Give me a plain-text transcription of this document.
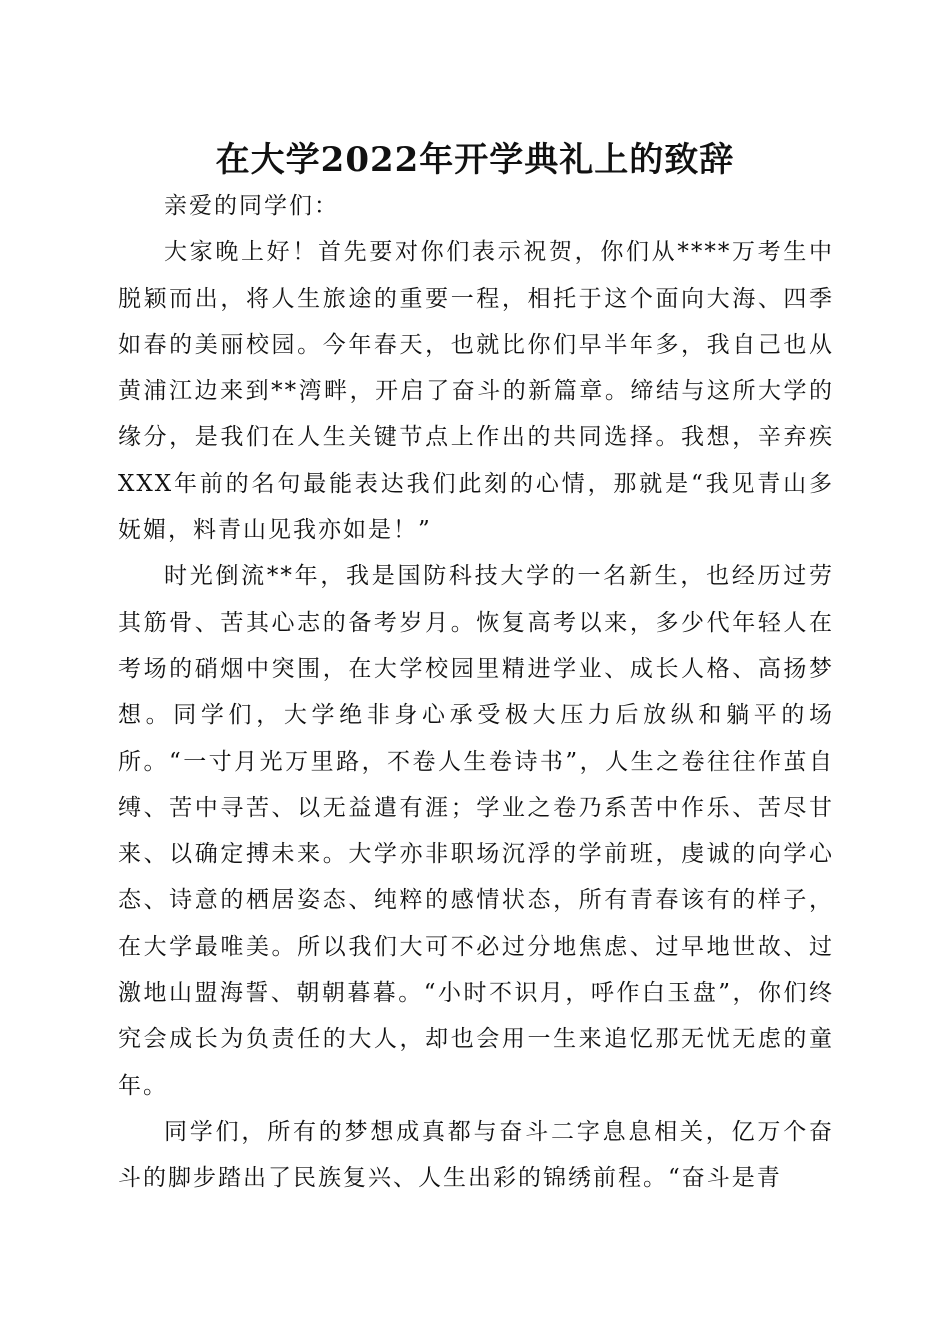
在大学2022年开学典礼上的致辞

亲爱的同学们：

大家晚上好！首先要对你们表示祝贺，你们从****万考生中脱颖而出，将人生旅途的重要一程，相托于这个面向大海、四季如春的美丽校园。今年春天，也就比你们早半年多，我自己也从黄浦江边来到**湾畔，开启了奋斗的新篇章。缔结与这所大学的缘分，是我们在人生关键节点上作出的共同选择。我想，辛弃疾XXX年前的名句最能表达我们此刻的心情，那就是“我见青山多妩媚，料青山见我亦如是！”

时光倒流**年，我是国防科技大学的一名新生，也经历过劳其筋骨、苦其心志的备考岁月。恢复高考以来，多少代年轻人在考场的硝烟中突围，在大学校园里精进学业、成长人格、高扬梦想。同学们，大学绝非身心承受极大压力后放纵和躺平的场所。“一寸月光万里路，不卷人生卷诗书”，人生之卷往往作茧自缚、苦中寻苦、以无益遣有涯；学业之卷乃系苦中作乐、苦尽甘来、以确定搏未来。大学亦非职场沉浮的学前班，虔诚的向学心态、诗意的栖居姿态、纯粹的感情状态，所有青春该有的样子，在大学最唯美。所以我们大可不必过分地焦虑、过早地世故、过激地山盟海誓、朝朝暮暮。“小时不识月，呼作白玉盘”，你们终究会成长为负责任的大人，却也会用一生来追忆那无忧无虑的童年。

同学们，所有的梦想成真都与奋斗二字息息相关，亿万个奋斗的脚步踏出了民族复兴、人生出彩的锦绣前程。“奋斗是青
